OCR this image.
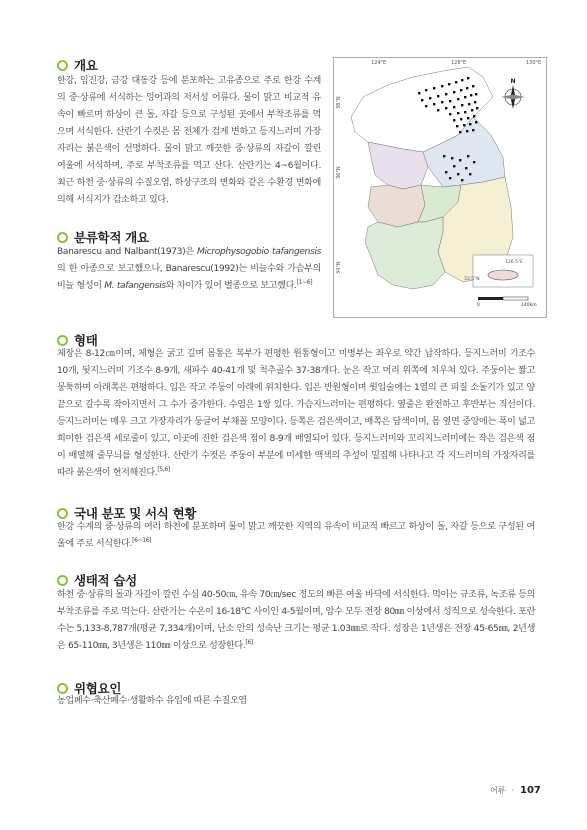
개요

한강, 임진강, 금강 대동강 등에 분포하는 고유종으로 주로 한강 수계의 중·상류에 서식하는 잉어과의 저서성 어류다. 물이 맑고 비교적 유속이 빠르며 하상이 큰 돌, 자갈 등으로 구성된 곳에서 부착조류를 먹으며 서식한다. 산란기 수컷은 몸 전체가 검게 변하고 등지느러미 가장자리는 붉은색이 선명하다. 물이 맑고 깨끗한 중·상류의 자갈이 깔린 여울에 서식하며, 주로 부착조류를 먹고 산다. 산란기는 4~6월이다. 최근 하천 중·상류의 수질오염, 하상구조의 변화와 같은 수환경 변화에 의해 서식지가 감소하고 있다.

분류학적 개요

Banarescu and Nalbant(1973)은 Microphysogobio tafangensis의 한 아종으로 보고했으나, Banarescu(1992)는 비늘수와 가슴부의 비늘 형성이 M. tafangensis와 차이가 있어 별종으로 보고했다.[1~6]

형태

체장은 8-12㎝이며, 체형은 굵고 길며 몸통은 복부가 편평한 원통형이고 미병부는 좌우로 약간 납작하다. 등지느러미 기조수 10개, 뒷지느러미 기조수 8-9개, 새파수 40-41개 및 척추골수 37-38개다. 눈은 작고 머리 위쪽에 치우쳐 있다. 주둥이는 짧고 뭉툭하며 아래쪽은 편평하다. 입은 작고 주둥이 아래에 위치한다. 입은 반원형이며 윗입술에는 1열의 큰 피질 소돌기가 있고 양끝으로 갈수록 작아지면서 그 수가 증가한다. 수염은 1쌍 있다. 가슴지느러미는 편평하다. 옆줄은 완전하고 후반부는 직선이다. 등지느러미는 매우 크고 가장자리가 둥글어 부채꼴 모양이다. 등쪽은 검은색이고, 배쪽은 담색이며, 몸 옆면 중앙에는 폭이 넓고 희미한 검은색 세로줄이 있고, 이곳에 진한 검은색 점이 8-9개 배열되어 있다. 등지느러미와 꼬리지느러미에는 작은 검은색 점이 배열해 줄무늬를 형성한다. 산란기 수컷은 주둥이 부분에 미세한 백색의 추성이 밀집해 나타나고 각 지느러미의 가장자리를 따라 붉은색이 현저해진다.[5,6]

국내 분포 및 서식 현황

한강 수계의 중·상류의 여러 하천에 분포하며 물이 맑고 깨끗한 지역의 유속이 비교적 빠르고 하상이 돌, 자갈 등으로 구성된 여울에 주로 서식한다.[6~16]

생태적 습성

하천 중·상류의 돌과 자갈이 깔린 수심 40-50㎝, 유속 70㎝/sec 정도의 빠른 여울 바닥에 서식한다. 먹이는 규조류, 녹조류 등의 부착조류를 주로 먹는다. 산란기는 수온이 16-18℃ 사이인 4-5월이며, 암수 모두 전장 80㎜ 이상에서 성적으로 성숙한다. 포란수는 5,133-8,787개(평균 7,334개)이며, 난소 안의 성숙난 크기는 평균 1.03㎜로 작다. 성장은 1년생은 전장 45-65㎜, 2년생은 65-110㎜, 3년생은 110㎜ 이상으로 성장한다.[6]

위협요인

농업폐수·축산폐수·생활하수 유입에 따른 수질오염

124°E	128°E	130°E
38°N
36°N
34°N	126.5°E
33.5°N
N
0	140km
어류 · 107
